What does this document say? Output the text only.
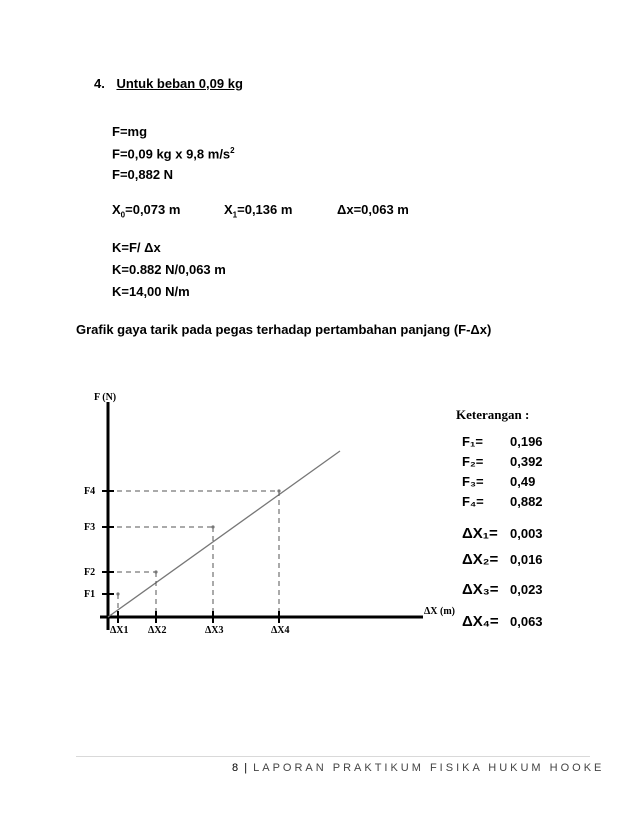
4. Untuk beban 0,09 kg
F=mg
F=0,09 kg x 9,8 $m/s^2$
F=0,882 N
$X_0=0,073$ m	$X_1=0,136$ m	Δx=0,063 m
K=F/ Δx
K=0.882 N/0,063 m
K=14,00 N/m
Grafik gaya tarik pada pegas terhadap pertambahan panjang (F-Δx)
F (N)
ΔX (m)
F1
ΔX1
F2
ΔX2
F3
ΔX3
F4
ΔX4
Keterangan :
F₁= 0,196
F₂= 0,392
F₃= 0,49
F₄= 0,882
ΔX₁= 0,003
ΔX₂= 0,016
ΔX₃= 0,023
ΔX₄= 0,063
8 | LAPORAN PRAKTIKUM FISIKA HUKUM HOOKE
